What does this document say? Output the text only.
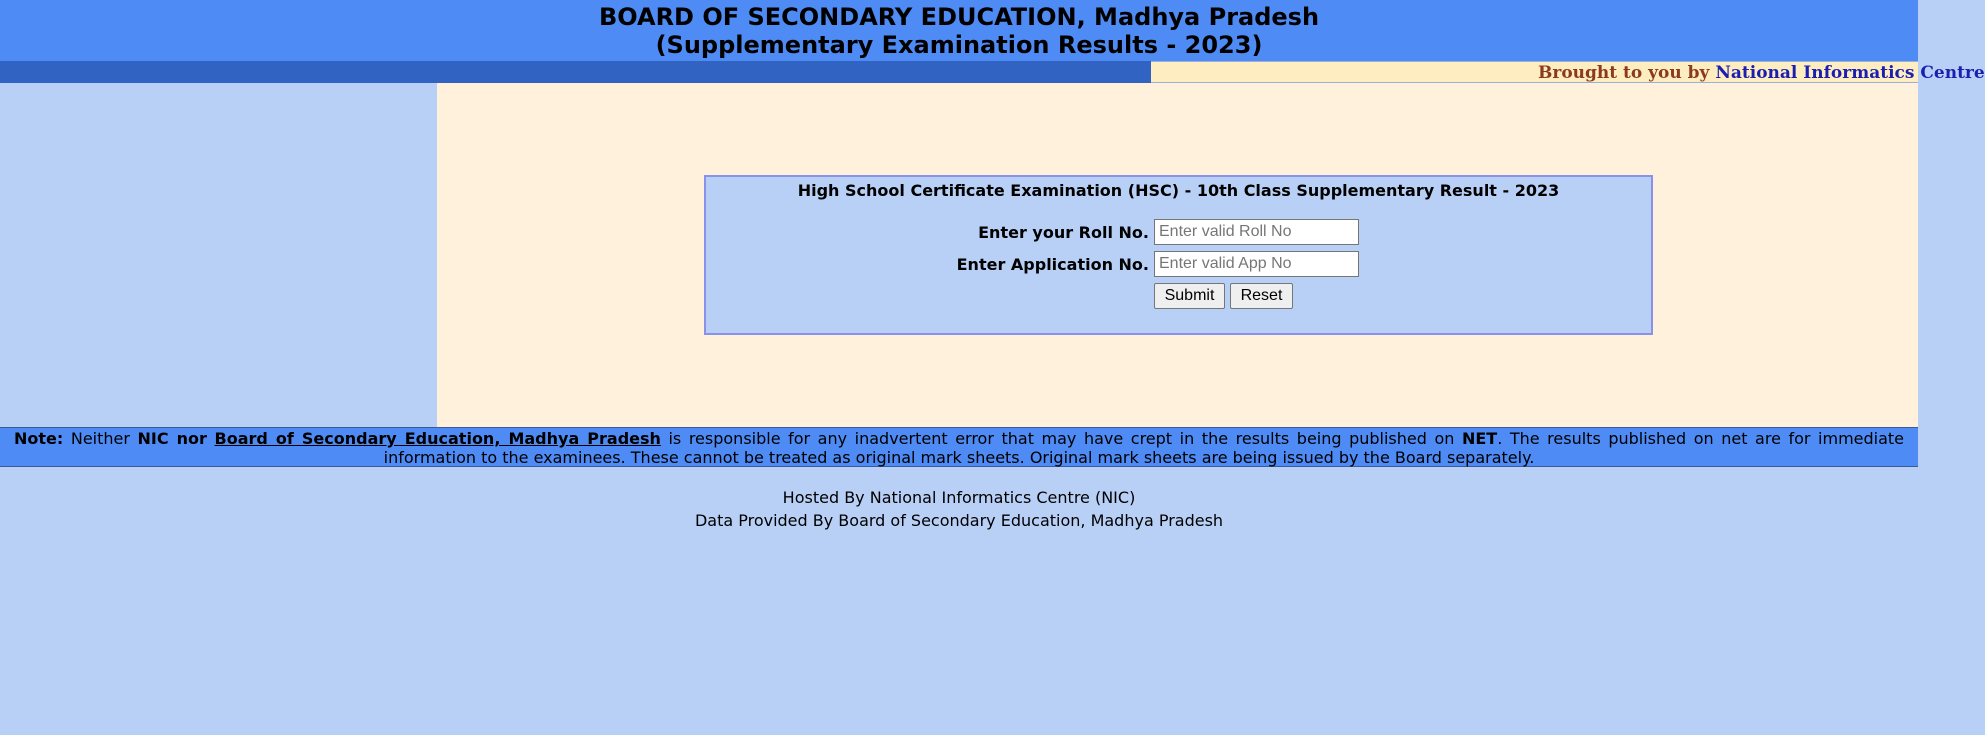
BOARD OF SECONDARY EDUCATION, Madhya Pradesh
(Supplementary Examination Results - 2023)
Brought to you by National Informatics Centre
High School Certificate Examination (HSC) - 10th Class Supplementary Result - 2023
Enter your Roll No.
Enter valid Roll No
Enter Application No.
Enter valid App No
Submit	Reset
Note: Neither NIC nor Board of Secondary Education, Madhya Pradesh is responsible for any inadvertent error that may have crept in the results being published on NET. The results published on net are for immediate information to the examinees. These cannot be treated as original mark sheets. Original mark sheets are being issued by the Board separately.
Hosted By National Informatics Centre (NIC)
Data Provided By Board of Secondary Education, Madhya Pradesh
